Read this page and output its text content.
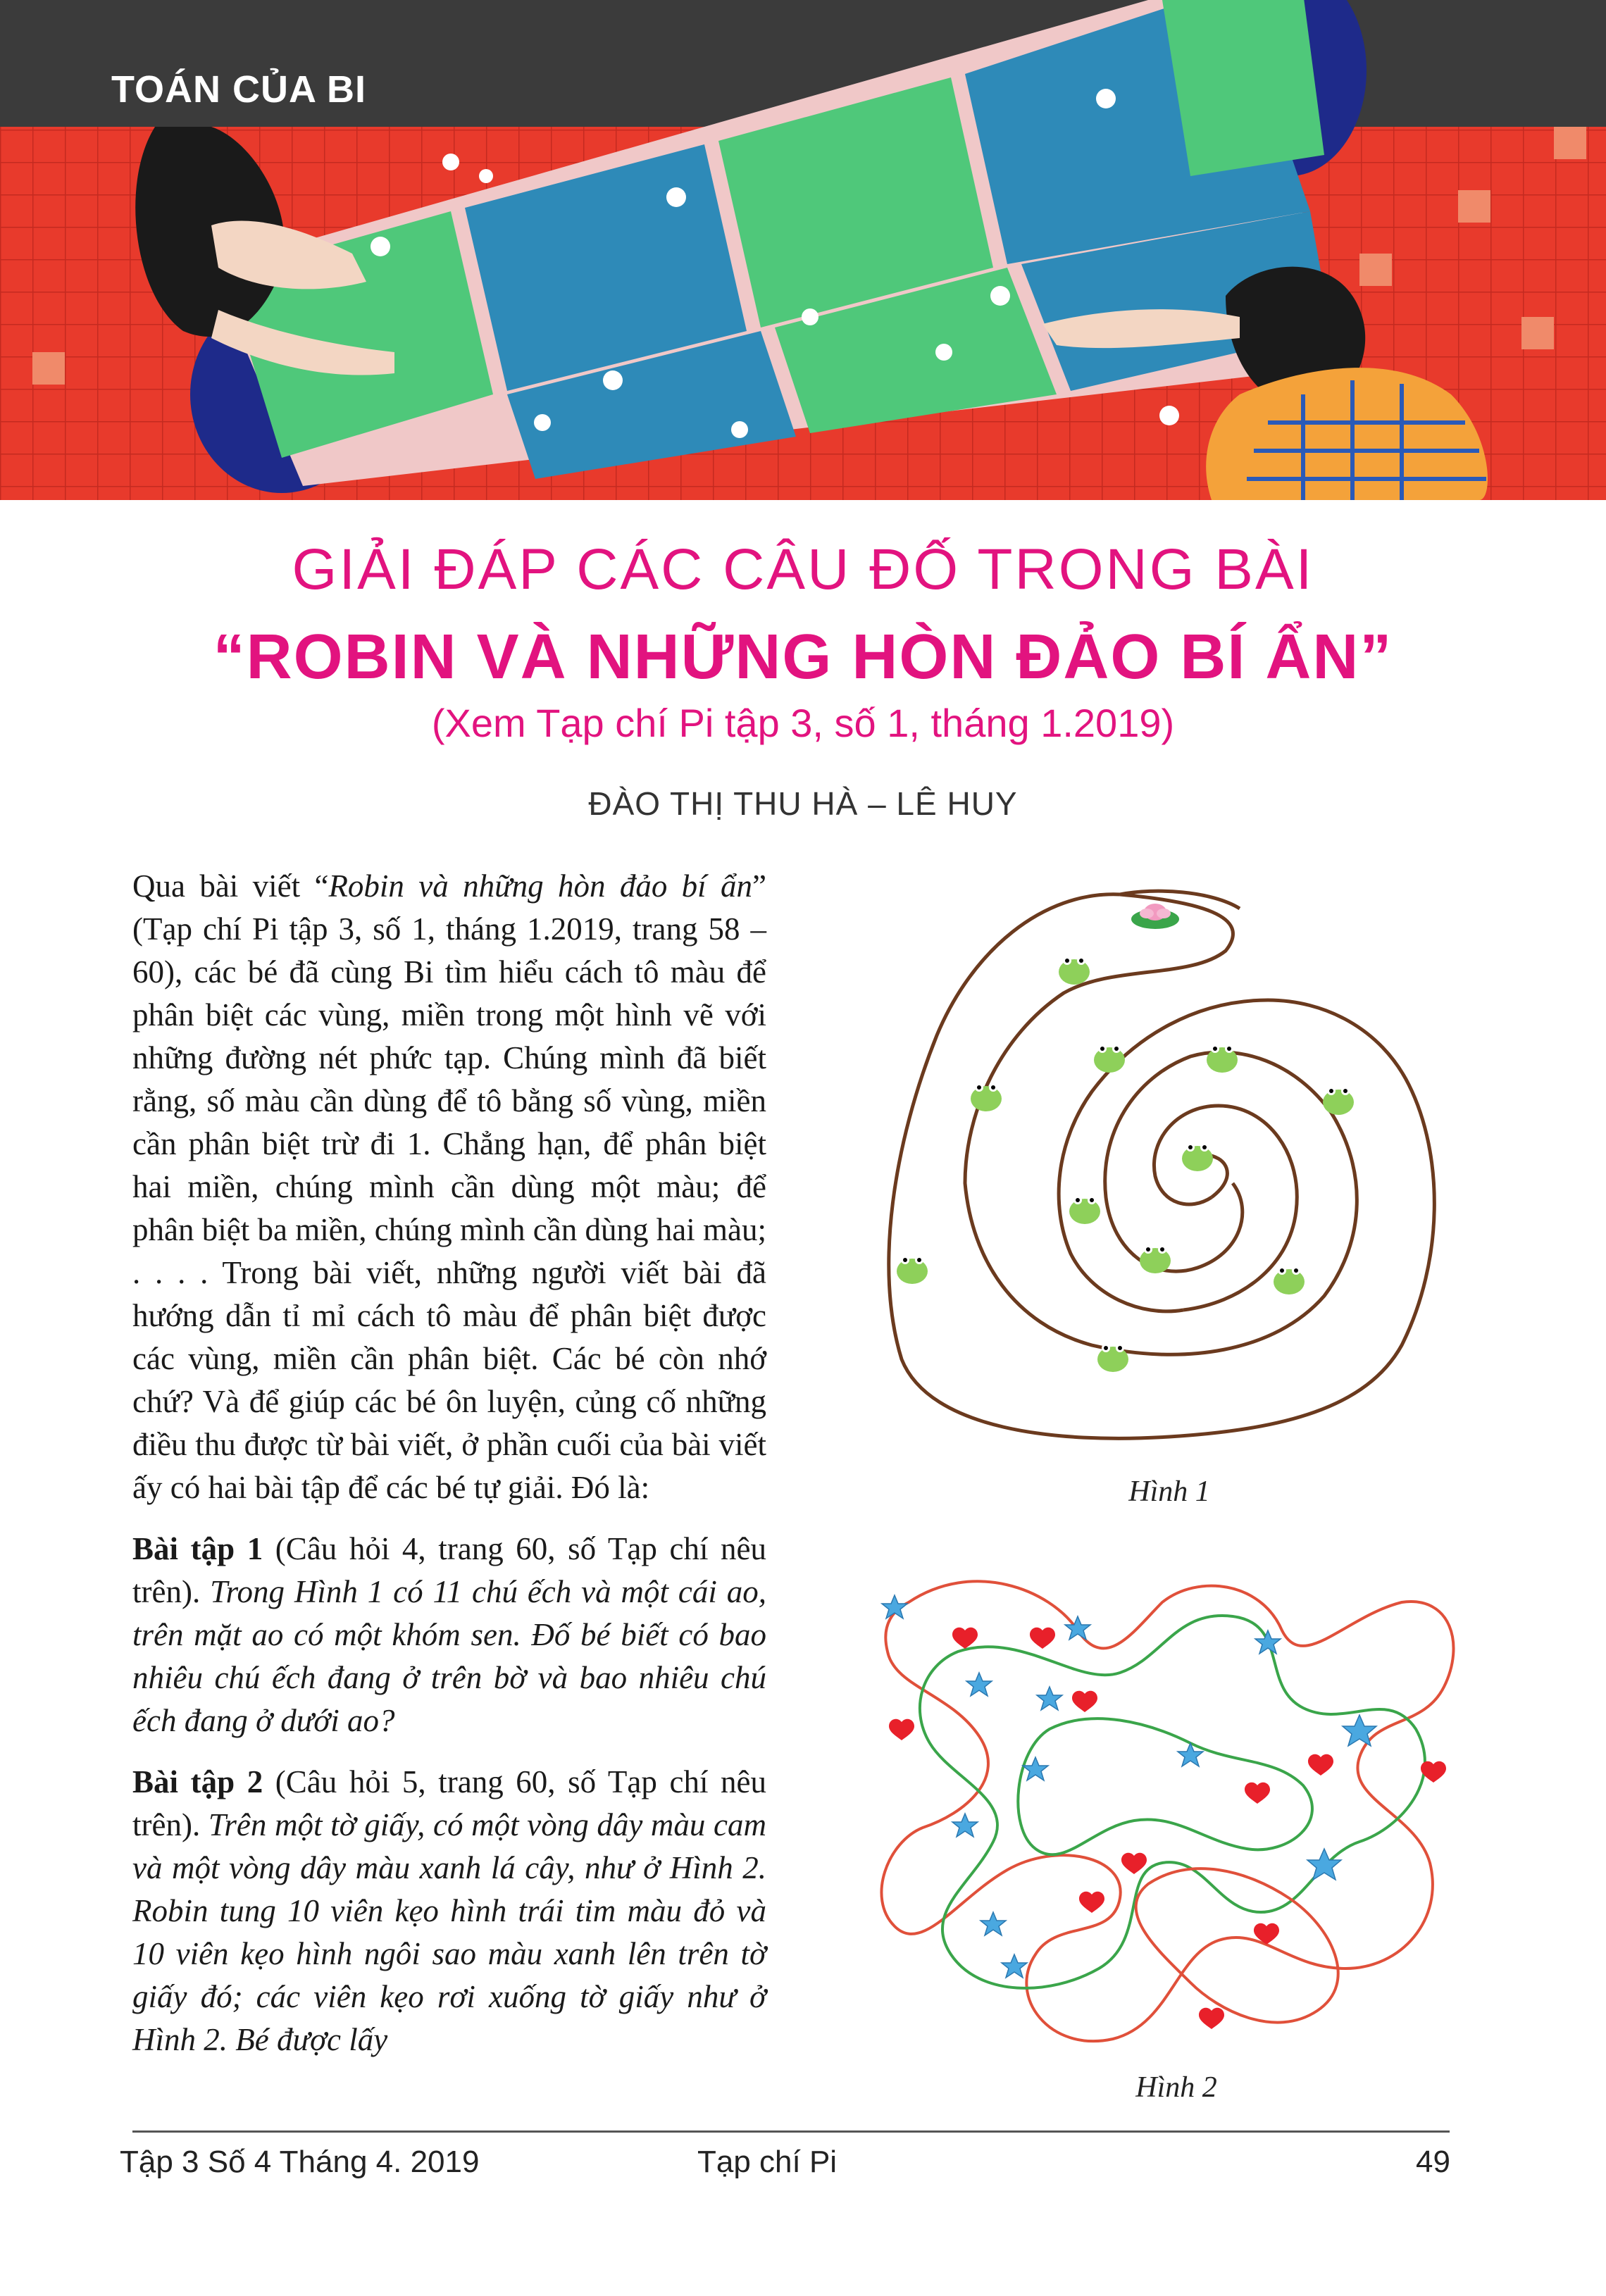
TOÁN CỦA BI
GIẢI ĐÁP CÁC CÂU ĐỐ TRONG BÀI
“ROBIN VÀ NHỮNG HÒN ĐẢO BÍ ẨN”
(Xem Tạp chí Pi tập 3, số 1, tháng 1.2019)
ĐÀO THỊ THU HÀ – LÊ HUY

Qua bài viết “Robin và những hòn đảo bí ẩn” (Tạp chí Pi tập 3, số 1, tháng 1.2019, trang 58 – 60), các bé đã cùng Bi tìm hiểu cách tô màu để phân biệt các vùng, miền trong một hình vẽ với những đường nét phức tạp. Chúng mình đã biết rằng, số màu cần dùng để tô bằng số vùng, miền cần phân biệt trừ đi 1. Chẳng hạn, để phân biệt hai miền, chúng mình cần dùng một màu; để phân biệt ba miền, chúng mình cần dùng hai màu; . . . . Trong bài viết, những người viết bài đã hướng dẫn tỉ mỉ cách tô màu để phân biệt được các vùng, miền cần phân biệt. Các bé còn nhớ chứ? Và để giúp các bé ôn luyện, củng cố những điều thu được từ bài viết, ở phần cuối của bài viết ấy có hai bài tập để các bé tự giải. Đó là:

Bài tập 1 (Câu hỏi 4, trang 60, số Tạp chí nêu trên). Trong Hình 1 có 11 chú ếch và một cái ao, trên mặt ao có một khóm sen. Đố bé biết có bao nhiêu chú ếch đang ở trên bờ và bao nhiêu chú ếch đang ở dưới ao?

Bài tập 2 (Câu hỏi 5, trang 60, số Tạp chí nêu trên). Trên một tờ giấy, có một vòng dây màu cam và một vòng dây màu xanh lá cây, như ở Hình 2. Robin tung 10 viên kẹo hình trái tim màu đỏ và 10 viên kẹo hình ngôi sao màu xanh lên trên tờ giấy đó; các viên kẹo rơi xuống tờ giấy như ở Hình 2. Bé được lấy

Hình 1
Hình 2
Tập 3 Số 4 Tháng 4. 2019	Tạp chí Pi	49
